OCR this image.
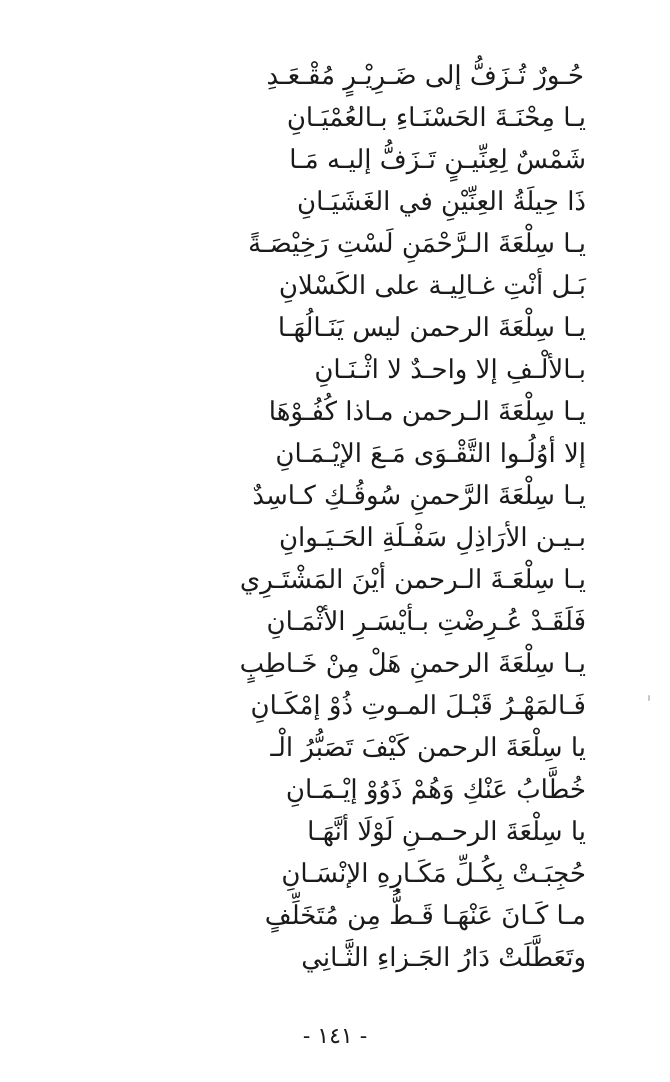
حُـورٌ تُـزَفُّ إلى ضَـرِيْـرٍ مُقْـعَـدِ
يـا مِحْنَـةَ الحَسْنَـاءِ بـالعُمْيَـانِ
شَمْسٌ لِعِنِّيـنٍ تَـزَفُّ إليـه مَـا
ذَا حِيلَةُ العِنِّيْنِ في الغَشَيَـانِ
يـا سِلْعَةَ الـرَّحْمَنِ لَسْتِ رَخِيْصَـةً
بَـل أنْتِ غـالِيـة على الكَسْلانِ
يـا سِلْعَةَ الرحمن ليس يَنَـالُهَـا
بـالألْـفِ إلا واحـدٌ لا اثْـنَـانِ
يـا سِلْعَةَ الـرحمن مـاذا كُفُـوْهَا
إلا أوُلُـوا التَّقْـوَى مَـعَ الإيْـمَـانِ
يـا سِلْعَةَ الرَّحمنِ سُوقُـكِ كـاسِدٌ
بـيـن الأرَاذِلِ سَفْـلَةِ الحَـيَـوانِ
يـا سِلْعَـةَ الـرحمن أيْنَ المَشْتَـرِي
فَلَقَـدْ عُـرِضْتِ بـأيْسَـرِ الأثْمَـانِ
يـا سِلْعَةَ الرحمنِ هَلْ مِنْ خَـاطِبٍ
فَـالمَهْـرُ قَبْـلَ المـوتِ ذُوْ إمْكَـانِ
يا سِلْعَةَ الرحمن كَيْفَ تَصَبُّرُ الْـ
خُطَّابُ عَنْكِ وَهُمْ ذَوُوْ إيْـمَـانِ
يا سِلْعَةَ الرحـمـنِ لَوْلَا أنَّهَـا
حُجِبَـتْ بِكُـلِّ مَكَـارِهِ الإنْسَـانِ
مـا كَـانَ عَنْهَـا قَـطُّ مِن مُتَخَلِّفٍ
وتَعَطَّلَتْ دَارُ الجَـزاءِ الثَّـانِي
- ١٤١ -
